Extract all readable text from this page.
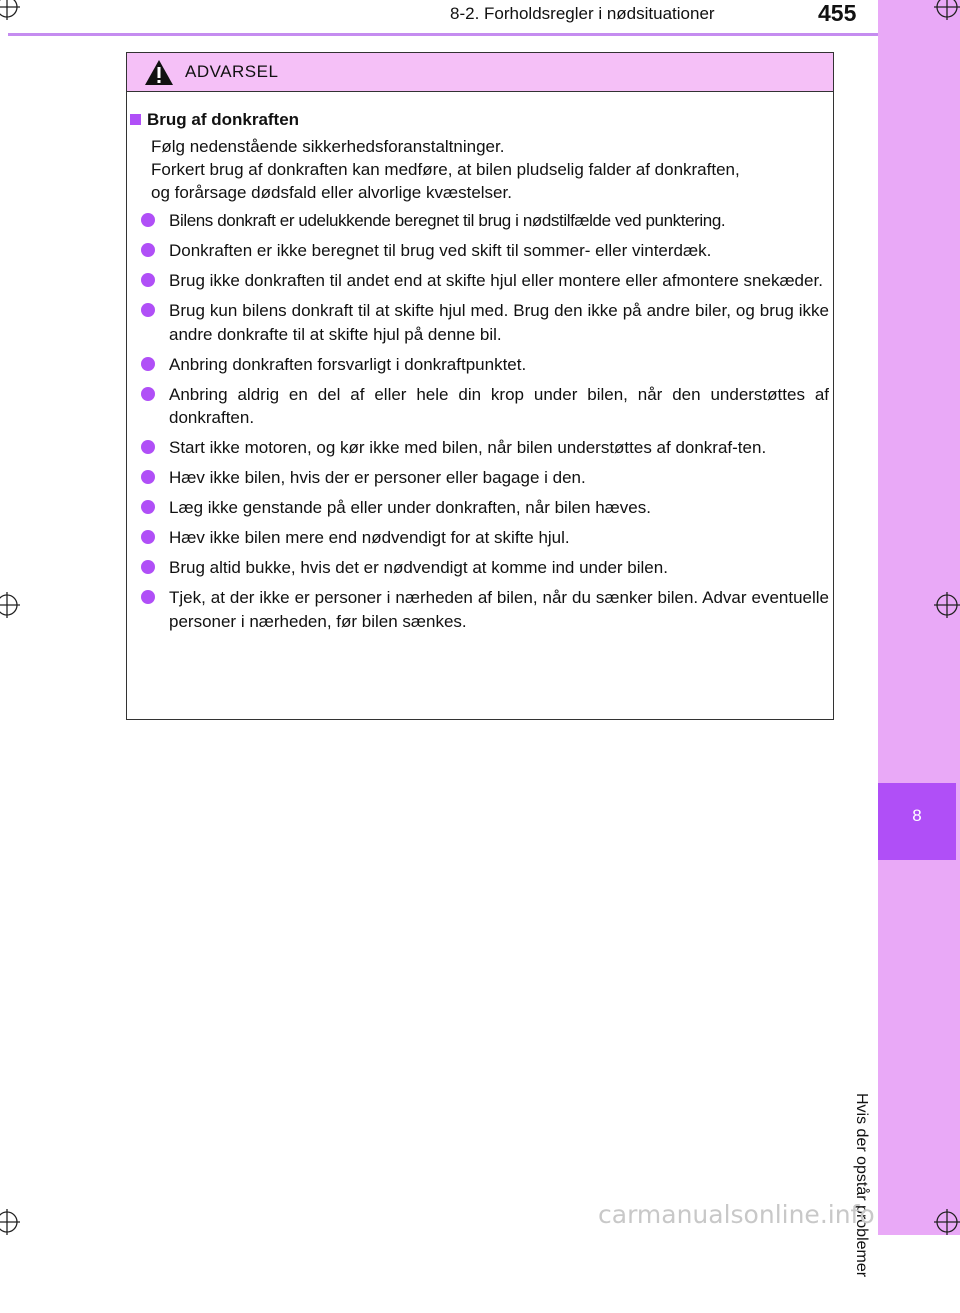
8-2. Forholdsregler i nødsituationer	455
8
Hvis der opstår problemer
ADVARSEL
Brug af donkraften
Følg nedenstående sikkerhedsforanstaltninger.
Forkert brug af donkraften kan medføre, at bilen pludselig falder af donkraften,
og forårsage dødsfald eller alvorlige kvæstelser.
Bilens donkraft er udelukkende beregnet til brug i nødstilfælde ved punktering.
Donkraften er ikke beregnet til brug ved skift til sommer- eller vinterdæk.
Brug ikke donkraften til andet end at skifte hjul eller montere eller afmontere snekæder.
Brug kun bilens donkraft til at skifte hjul med. Brug den ikke på andre biler, og brug ikke andre donkrafte til at skifte hjul på denne bil.
Anbring donkraften forsvarligt i donkraftpunktet.
Anbring aldrig en del af eller hele din krop under bilen, når den understøttes af donkraften.
Start ikke motoren, og kør ikke med bilen, når bilen understøttes af donkraf-ten.
Hæv ikke bilen, hvis der er personer eller bagage i den.
Læg ikke genstande på eller under donkraften, når bilen hæves.
Hæv ikke bilen mere end nødvendigt for at skifte hjul.
Brug altid bukke, hvis det er nødvendigt at komme ind under bilen.
Tjek, at der ikke er personer i nærheden af bilen, når du sænker bilen. Advar eventuelle personer i nærheden, før bilen sænkes.
carmanualsonline.info
